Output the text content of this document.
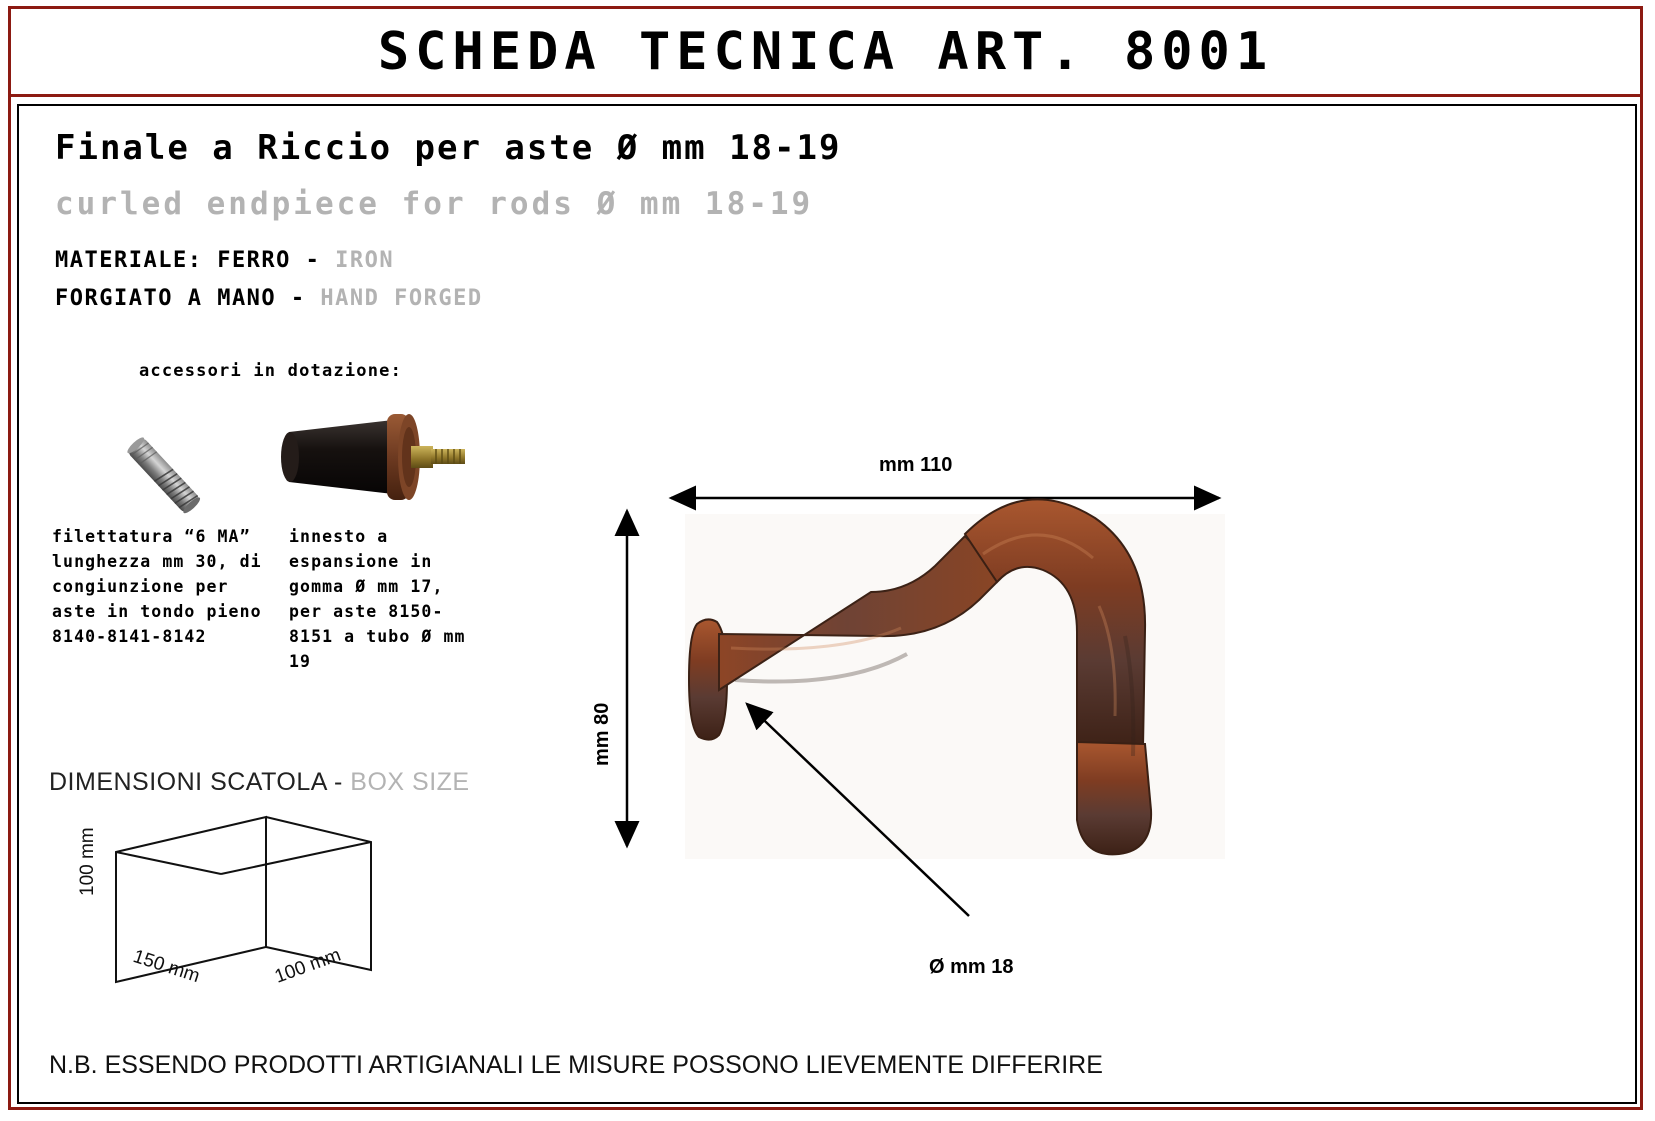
SCHEDA TECNICA ART. 8001
Finale a Riccio per aste Ø mm 18-19
curled endpiece for rods Ø mm 18-19
MATERIALE: FERRO - IRON
FORGIATO A MANO - HAND FORGED
accessori in dotazione:
filettatura “6 MA” lunghezza mm 30, di congiunzione per aste in tondo pieno 8140-8141-8142
innesto a espansione in gomma Ø mm 17, per aste 8150-8151 a tubo Ø mm 19
DIMENSIONI SCATOLA - BOX SIZE
100 mm
150 mm	100 mm
N.B. ESSENDO PRODOTTI ARTIGIANALI LE MISURE POSSONO LIEVEMENTE DIFFERIRE
mm 110
mm 80
Ø mm 18
